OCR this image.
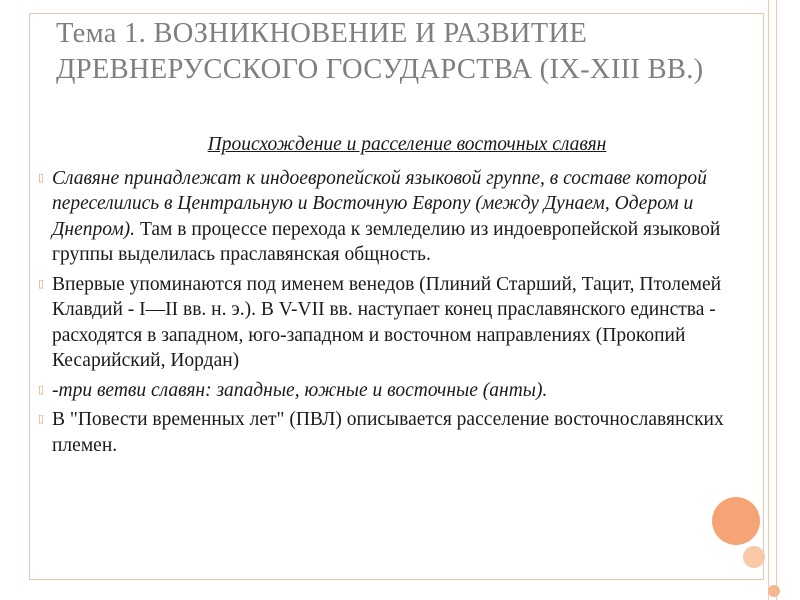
Тема 1. ВОЗНИКНОВЕНИЕ И РАЗВИТИЕ ДРЕВНЕРУССКОГО ГОСУДАРСТВА (IX-XIII ВВ.)

Происхождение и расселение восточных славян

▯ Славяне принадлежат к индоевропейской языковой группе, в составе которой переселились в Центральную и Восточную Европу (между Дунаем, Одером и Днепром). Там в процессе перехода к земледелию из индоевропейской языковой группы выделилась праславянская общность.

▯ Впервые упоминаются под именем венедов (Плиний Старший, Тацит, Птолемей Клавдий - I—II вв. н. э.). В V-VII вв. наступает конец праславянского единства - расходятся в западном, юго-западном и восточном направлениях (Прокопий Кесарийский, Иордан)

▯ -три ветви славян: западные, южные и восточные (анты).

▯ В "Повести временных лет" (ПВЛ) описывается расселение восточнославянских племен.
